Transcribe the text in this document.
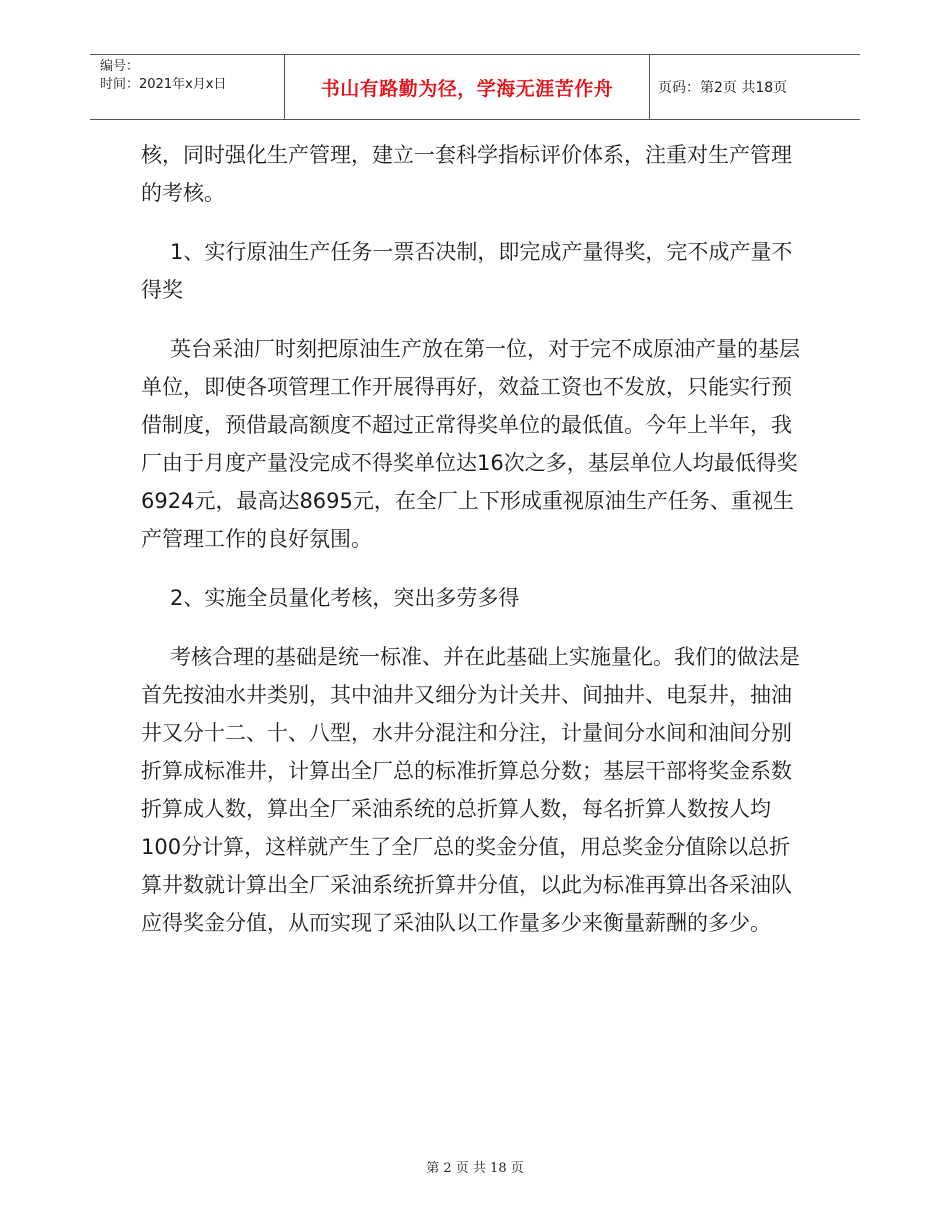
编号：
时间：2021年x月x日	书山有路勤为径，学海无涯苦作舟	页码：第2页 共18页

核，同时强化生产管理，建立一套科学指标评价体系，注重对生产管理的考核。

1、实行原油生产任务一票否决制，即完成产量得奖，完不成产量不得奖

英台采油厂时刻把原油生产放在第一位，对于完不成原油产量的基层单位，即使各项管理工作开展得再好，效益工资也不发放，只能实行预借制度，预借最高额度不超过正常得奖单位的最低值。今年上半年，我厂由于月度产量没完成不得奖单位达16次之多，基层单位人均最低得奖6924元，最高达8695元，在全厂上下形成重视原油生产任务、重视生产管理工作的良好氛围。

2、实施全员量化考核，突出多劳多得

考核合理的基础是统一标准、并在此基础上实施量化。我们的做法是首先按油水井类别，其中油井又细分为计关井、间抽井、电泵井，抽油井又分十二、十、八型，水井分混注和分注，计量间分水间和油间分别折算成标准井，计算出全厂总的标准折算总分数；基层干部将奖金系数折算成人数，算出全厂采油系统的总折算人数，每名折算人数按人均100分计算，这样就产生了全厂总的奖金分值，用总奖金分值除以总折算井数就计算出全厂采油系统折算井分值，以此为标准再算出各采油队应得奖金分值，从而实现了采油队以工作量多少来衡量薪酬的多少。

第 2 页 共 18 页
